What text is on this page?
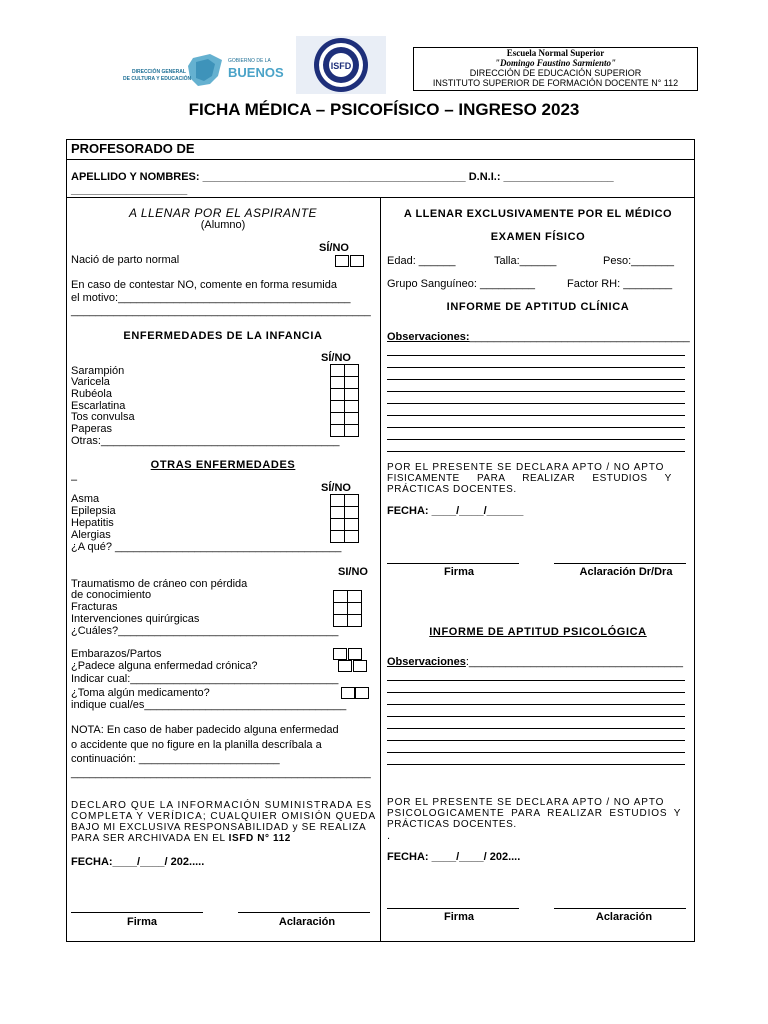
DIRECCIÓN GENERAL
DE CULTURA Y EDUCACIÓN
GOBIERNO DE LA
BUENOS	ISFD
Escuela Normal Superior
"Domingo Faustino Sarmiento"
DIRECCIÓN DE EDUCACIÓN SUPERIOR
INSTITUTO SUPERIOR DE FORMACIÓN DOCENTE N° 112
FICHA MÉDICA – PSICOFÍSICO – INGRESO 2023
PROFESORADO DE
APELLIDO Y NOMBRES: ___________________________________________ D.N.I.: __________________
___________________
A LLENAR POR EL ASPIRANTE
(Alumno)
SÍ/NO
Nació de parto normal
En caso de contestar NO, comente en forma resumida
el motivo:______________________________________
_________________________________________________
ENFERMEDADES DE LA INFANCIA
SÍ/NO
Sarampión
Varicela
Rubéola
Escarlatina
Tos convulsa
Paperas
Otras:_______________________________________
OTRAS ENFERMEDADES
–
SÍ/NO
Asma
Epilepsia
Hepatitis
Alergias
¿A qué? _____________________________________
SI/NO
Traumatismo de cráneo con pérdida
de conocimiento
Fracturas
Intervenciones quirúrgicas
¿Cuáles?____________________________________
Embarazos/Partos
¿Padece alguna enfermedad crónica?
Indicar cual:__________________________________
¿Toma algún medicamento?
indique cual/es_________________________________
NOTA: En caso de haber padecido alguna enfermedad
o accidente que no figure en la planilla descríbala a
continuación: _______________________
_________________________________________________
DECLARO QUE LA INFORMACIÓN SUMINISTRADA ES
COMPLETA Y VERÍDICA; CUALQUIER OMISIÓN QUEDA
BAJO MI EXCLUSIVA RESPONSABILIDAD y SE REALIZA
PARA SER ARCHIVADA EN EL ISFD N° 112
FECHA:____/____/ 202.....
Firma	Aclaración
A LLENAR EXCLUSIVAMENTE POR EL MÉDICO
EXAMEN FÍSICO
Edad: ______	Talla:______	Peso:_______
Grupo Sanguíneo: _________	Factor RH: ________
INFORME DE APTITUD CLÍNICA
Observaciones:____________________________________
POR EL PRESENTE SE DECLARA APTO / NO APTO
FISICAMENTE PARA REALIZAR ESTUDIOS Y
PRÁCTICAS DOCENTES.
FECHA: ____/____/______
Firma	Aclaración Dr/Dra
INFORME DE APTITUD PSICOLÓGICA
Observaciones:___________________________________
POR EL PRESENTE SE DECLARA APTO / NO APTO
PSICOLOGICAMENTE PARA REALIZAR ESTUDIOS Y
PRÁCTICAS DOCENTES.
.
FECHA: ____/____/ 202....
Firma	Aclaración
